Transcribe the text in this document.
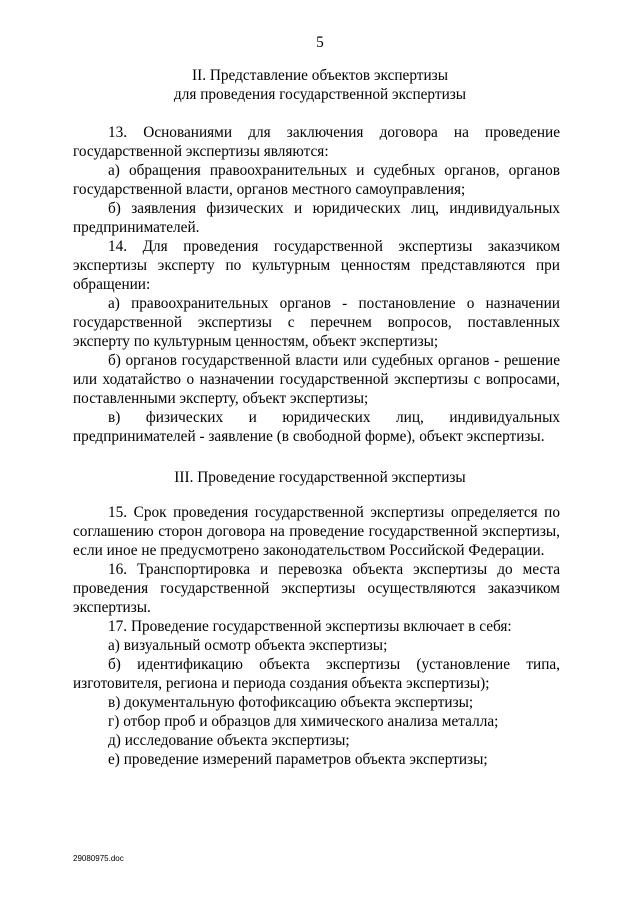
5
II. Представление объектов экспертизы
для проведения государственной экспертизы

13. Основаниями для заключения договора на проведение государственной экспертизы являются:

а) обращения правоохранительных и судебных органов, органов государственной власти, органов местного самоуправления;

б) заявления физических и юридических лиц, индивидуальных предпринимателей.

14. Для проведения государственной экспертизы заказчиком экспертизы эксперту по культурным ценностям представляются при обращении:

а) правоохранительных органов - постановление о назначении государственной экспертизы с перечнем вопросов, поставленных эксперту по культурным ценностям, объект экспертизы;

б) органов государственной власти или судебных органов - решение или ходатайство о назначении государственной экспертизы с вопросами, поставленными эксперту, объект экспертизы;

в) физических и юридических лиц, индивидуальных предпринимателей - заявление (в свободной форме), объект экспертизы.

III. Проведение государственной экспертизы

15. Срок проведения государственной экспертизы определяется по соглашению сторон договора на проведение государственной экспертизы, если иное не предусмотрено законодательством Российской Федерации.

16. Транспортировка и перевозка объекта экспертизы до места проведения государственной экспертизы осуществляются заказчиком экспертизы.

17. Проведение государственной экспертизы включает в себя:

а) визуальный осмотр объекта экспертизы;

б) идентификацию объекта экспертизы (установление типа, изготовителя, региона и периода создания объекта экспертизы);

в) документальную фотофиксацию объекта экспертизы;

г) отбор проб и образцов для химического анализа металла;

д) исследование объекта экспертизы;

е) проведение измерений параметров объекта экспертизы;

29080975.doc
